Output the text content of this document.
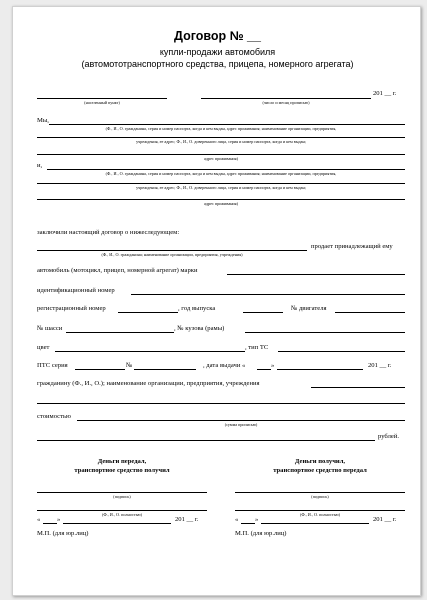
Договор № __
купли-продажи автомобиля
(автомототранспортного средства, прицепа, номерного агрегата)
(населенный пункт)	(число и месяц прописью)
201 __ г.
Мы,
(Ф., И., О. гражданина, серия и номер паспорта, когда и кем выдан, адрес проживания; наименование организации, предприятия,
учреждения, ее адрес; Ф., И., О. доверенного лица, серия и номер паспорта, когда и кем выдан;
адрес проживания)
и,
(Ф., И., О. гражданина, серия и номер паспорта, когда и кем выдан, адрес проживания; наименование организации, предприятия,
учреждения, ее адрес; Ф., И., О. доверенного лица, серия и номер паспорта, когда и кем выдан;
адрес проживания)
заключили настоящий договор о нижеследующем:
(Ф., И., О. гражданина; наименование организации, предприятия, учреждения)
продает принадлежащий ему
автомобиль (мотоцикл, прицеп, номерной агрегат) марки
идентификационный номер
регистрационный номер	, год выпуска	№ двигателя
№ шасси	, № кузова (рамы)
цвет	, тип ТС
ПТС серия	№	, дата выдачи «	»	201 __ г.
гражданину (Ф., И., О.); наименование организации, предприятия, учреждения
стоимостью
(сумма прописью)
рублей.
Деньги передал,
транспортное средство получил
(подпись)
(Ф., И., О. полностью)
«	»	201 __ г.
М.П. (для юр.лиц)
Деньги получил,
транспортное средство передал
(подпись)
(Ф., И., О. полностью)
«	»	201 __ г.
М.П. (для юр.лиц)
